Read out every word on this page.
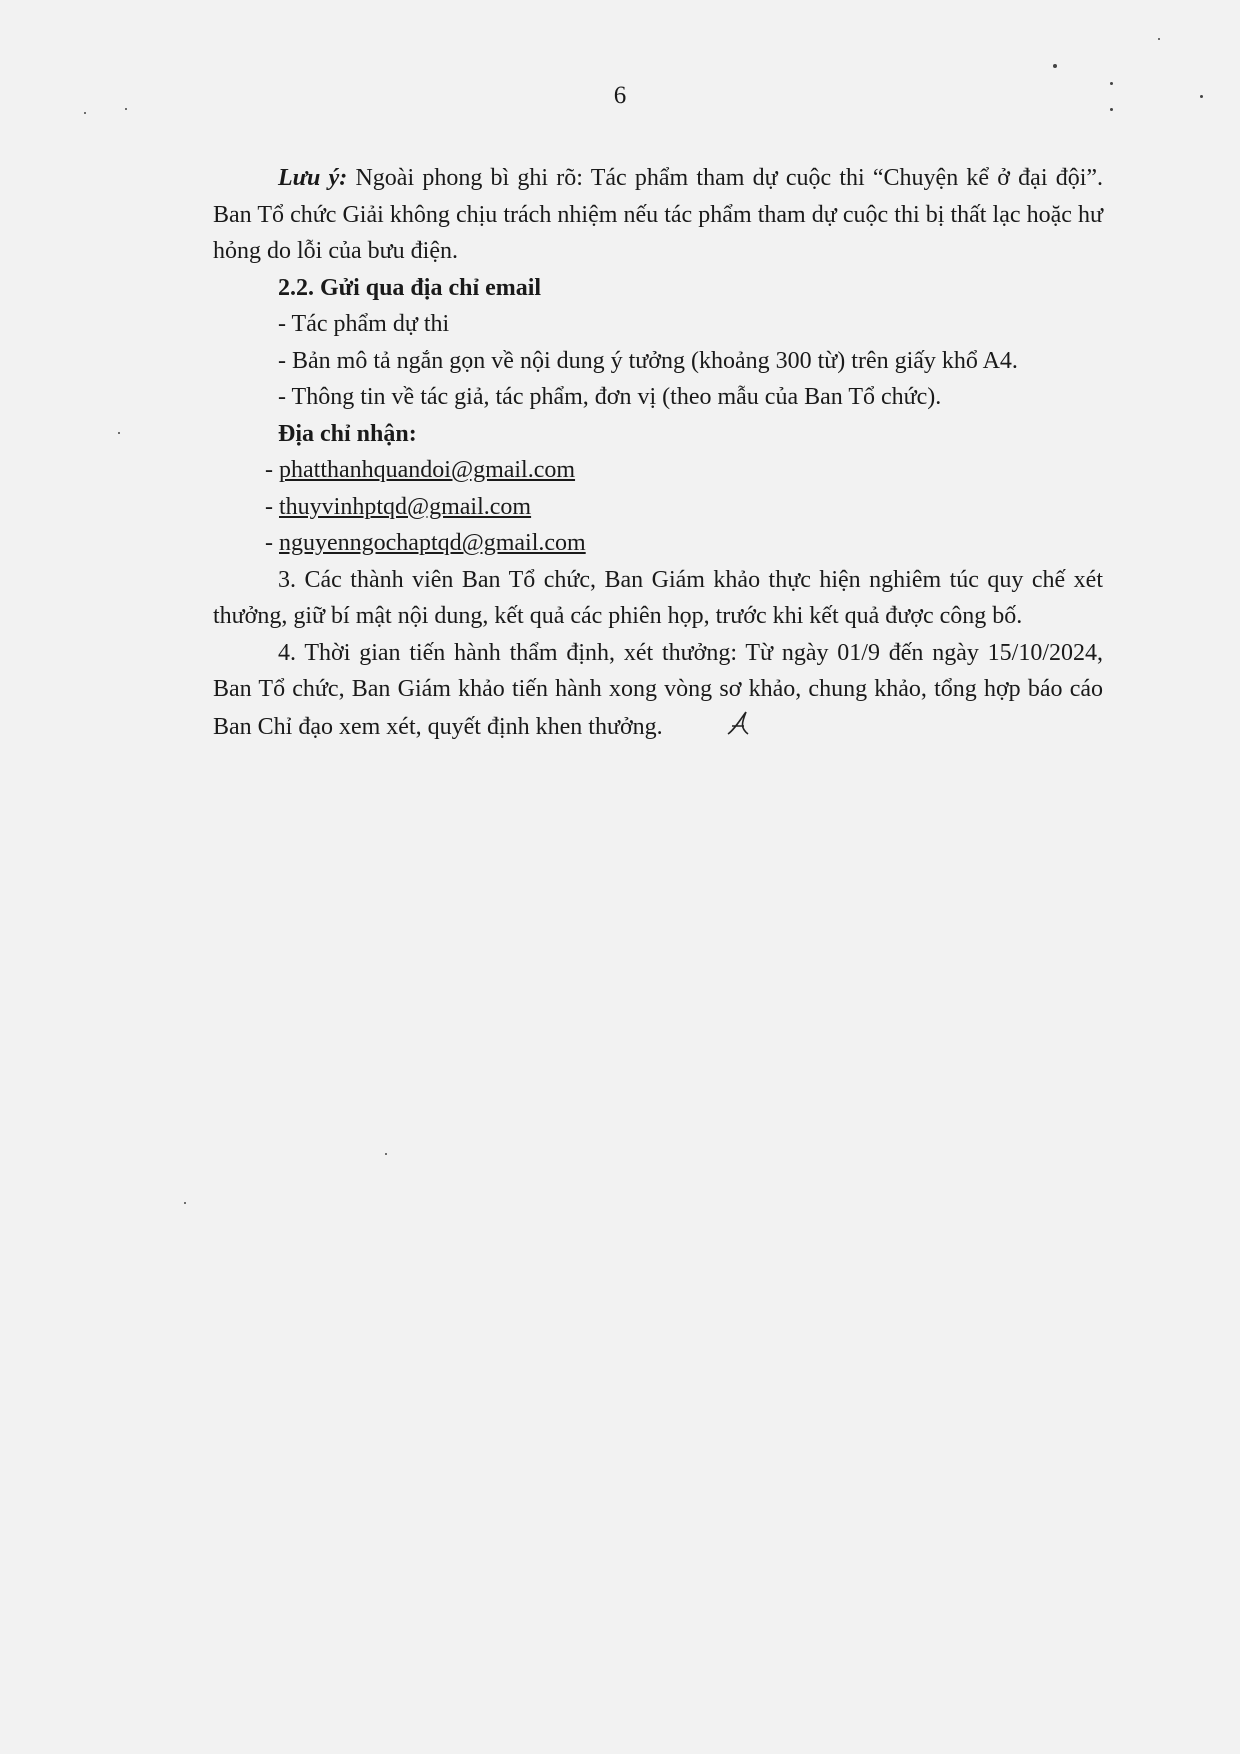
6

Lưu ý: Ngoài phong bì ghi rõ: Tác phẩm tham dự cuộc thi “Chuyện kể ở đại đội”. Ban Tổ chức Giải không chịu trách nhiệm nếu tác phẩm tham dự cuộc thi bị thất lạc hoặc hư hỏng do lỗi của bưu điện.

2.2. Gửi qua địa chỉ email

- Tác phẩm dự thi

- Bản mô tả ngắn gọn về nội dung ý tưởng (khoảng 300 từ) trên giấy khổ A4.

- Thông tin về tác giả, tác phẩm, đơn vị (theo mẫu của Ban Tổ chức).

Địa chỉ nhận:

- phatthanhquandoi@gmail.com

- thuyvinhptqd@gmail.com

- nguyenngochaptqd@gmail.com

3. Các thành viên Ban Tổ chức, Ban Giám khảo thực hiện nghiêm túc quy chế xét thưởng, giữ bí mật nội dung, kết quả các phiên họp, trước khi kết quả được công bố.

4. Thời gian tiến hành thẩm định, xét thưởng: Từ ngày 01/9 đến ngày 15/10/2024, Ban Tổ chức, Ban Giám khảo tiến hành xong vòng sơ khảo, chung khảo, tổng hợp báo cáo Ban Chỉ đạo xem xét, quyết định khen thưởng.
